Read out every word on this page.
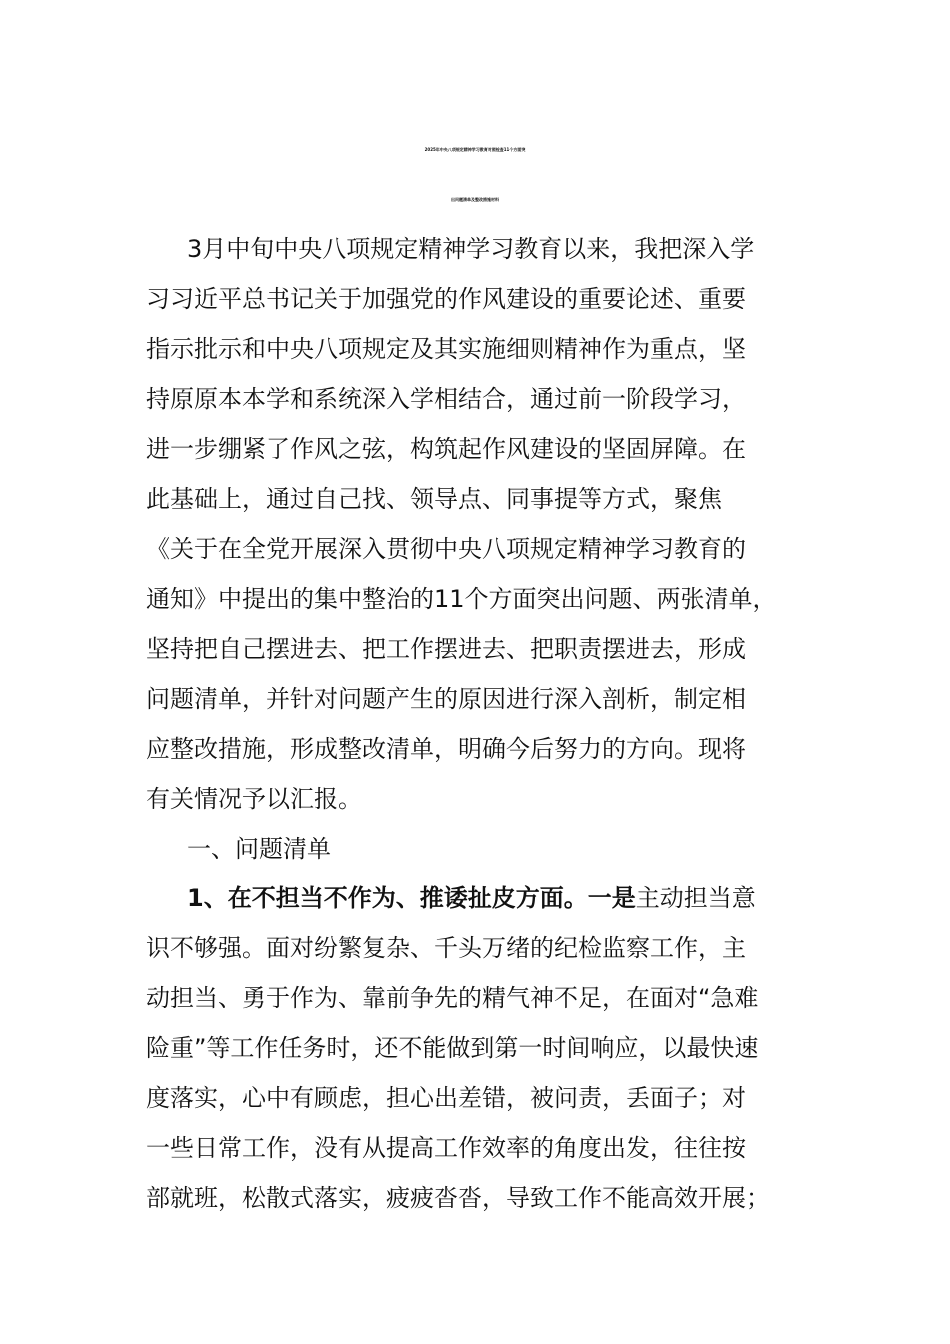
2025年中央八项规定精神学习教育对照检查11个方面突
出问题清单及整改措施材料
3月中旬中央八项规定精神学习教育以来，我把深入学
习习近平总书记关于加强党的作风建设的重要论述、重要
指示批示和中央八项规定及其实施细则精神作为重点，坚
持原原本本学和系统深入学相结合，通过前一阶段学习，
进一步绷紧了作风之弦，构筑起作风建设的坚固屏障。在
此基础上，通过自己找、领导点、同事提等方式，聚焦
《关于在全党开展深入贯彻中央八项规定精神学习教育的
通知》中提出的集中整治的11个方面突出问题、两张清单，
坚持把自己摆进去、把工作摆进去、把职责摆进去，形成
问题清单，并针对问题产生的原因进行深入剖析，制定相
应整改措施，形成整改清单，明确今后努力的方向。现将
有关情况予以汇报。
一、问题清单
1、在不担当不作为、推诿扯皮方面。一是主动担当意
识不够强。面对纷繁复杂、千头万绪的纪检监察工作，主
动担当、勇于作为、靠前争先的精气神不足，在面对“急难
险重”等工作任务时，还不能做到第一时间响应，以最快速
度落实，心中有顾虑，担心出差错，被问责，丢面子；对
一些日常工作，没有从提高工作效率的角度出发，往往按
部就班，松散式落实，疲疲沓沓，导致工作不能高效开展；
